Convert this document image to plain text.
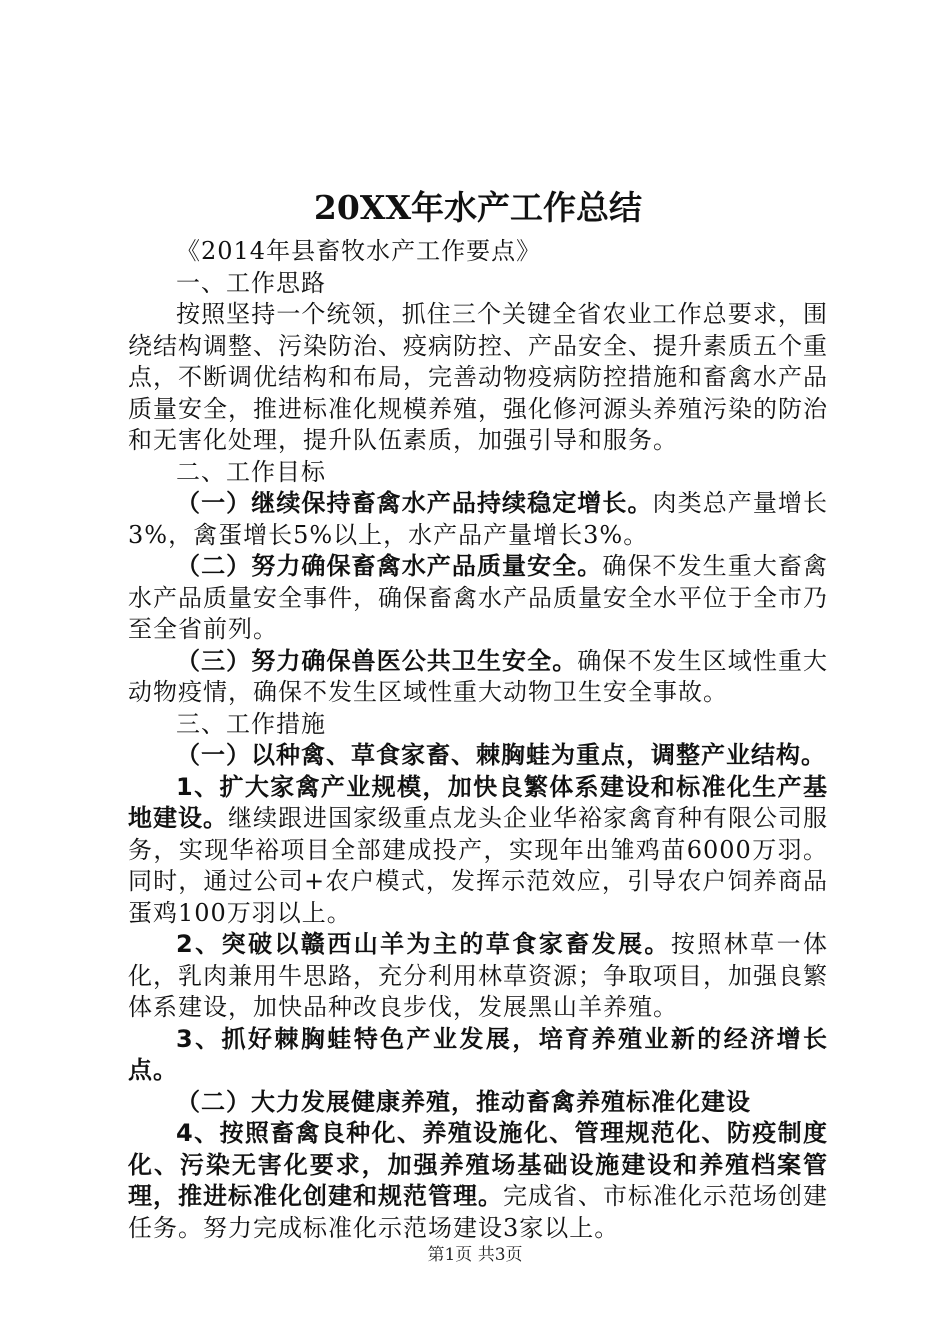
20XX年水产工作总结

《2014年县畜牧水产工作要点》

一、工作思路

按照坚持一个统领，抓住三个关键全省农业工作总要求，围绕结构调整、污染防治、疫病防控、产品安全、提升素质五个重点，不断调优结构和布局，完善动物疫病防控措施和畜禽水产品质量安全，推进标准化规模养殖，强化修河源头养殖污染的防治和无害化处理，提升队伍素质，加强引导和服务。

二、工作目标

（一）继续保持畜禽水产品持续稳定增长。肉类总产量增长3%，禽蛋增长5%以上，水产品产量增长3%。

（二）努力确保畜禽水产品质量安全。确保不发生重大畜禽水产品质量安全事件，确保畜禽水产品质量安全水平位于全市乃至全省前列。

（三）努力确保兽医公共卫生安全。确保不发生区域性重大动物疫情，确保不发生区域性重大动物卫生安全事故。

三、工作措施

（一）以种禽、草食家畜、棘胸蛙为重点，调整产业结构。

1、扩大家禽产业规模，加快良繁体系建设和标准化生产基地建设。继续跟进国家级重点龙头企业华裕家禽育种有限公司服务，实现华裕项目全部建成投产，实现年出雏鸡苗6000万羽。同时，通过公司+农户模式，发挥示范效应，引导农户饲养商品蛋鸡100万羽以上。

2、突破以赣西山羊为主的草食家畜发展。按照林草一体化，乳肉兼用牛思路，充分利用林草资源；争取项目，加强良繁体系建设，加快品种改良步伐，发展黑山羊养殖。

3、抓好棘胸蛙特色产业发展，培育养殖业新的经济增长点。

（二）大力发展健康养殖，推动畜禽养殖标准化建设

4、按照畜禽良种化、养殖设施化、管理规范化、防疫制度化、污染无害化要求，加强养殖场基础设施建设和养殖档案管理，推进标准化创建和规范管理。完成省、市标准化示范场创建任务。努力完成标准化示范场建设3家以上。

第1页 共3页
